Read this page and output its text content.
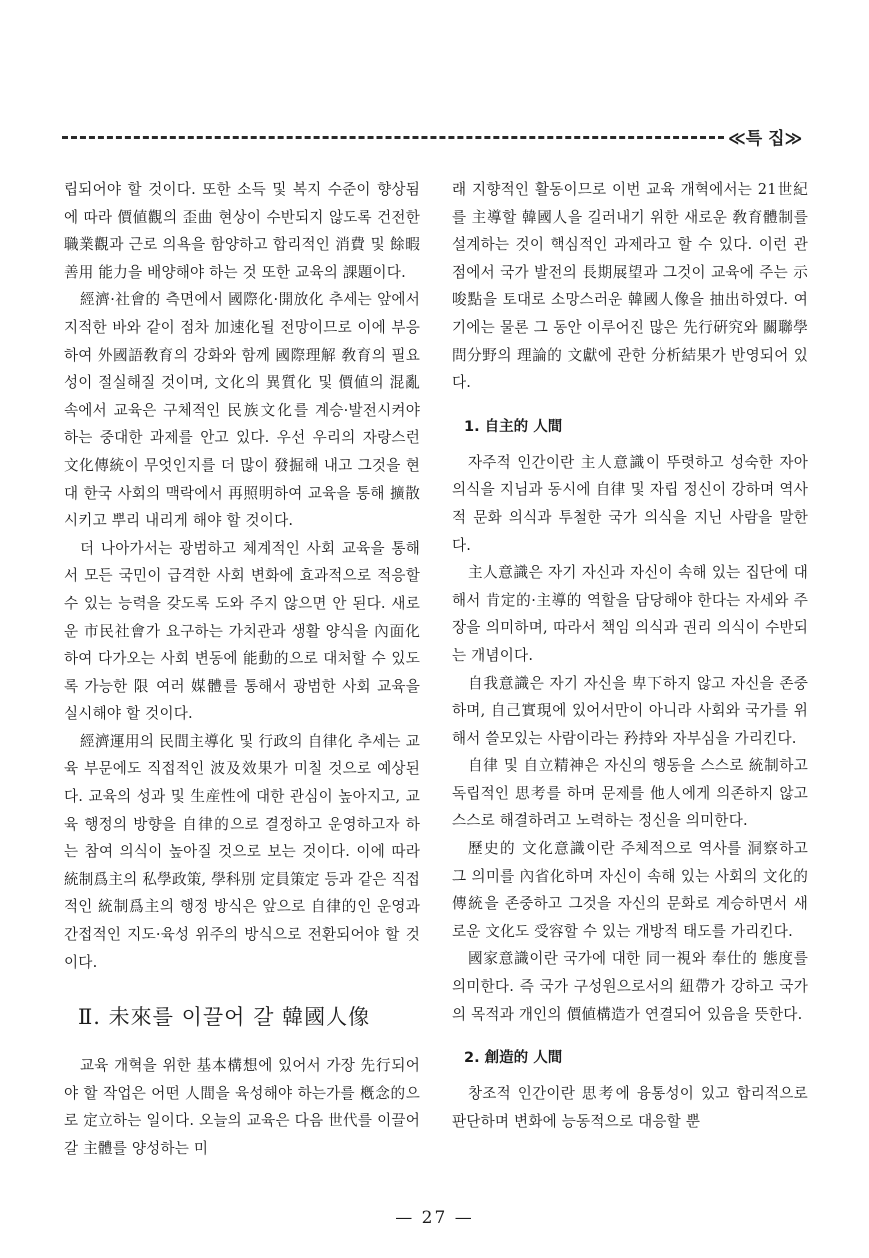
≪특 집≫

립되어야 할 것이다. 또한 소득 및 복지 수준이 향상됨에 따라 價値觀의 歪曲 현상이 수반되지 않도록 건전한 職業觀과 근로 의욕을 함양하고 합리적인 消費 및 餘暇善用 能力을 배양해야 하는 것 또한 교육의 課題이다.

經濟·社會的 측면에서 國際化·開放化 추세는 앞에서 지적한 바와 같이 점차 加速化될 전망이므로 이에 부응하여 外國語敎育의 강화와 함께 國際理解 敎育의 필요성이 절실해질 것이며, 文化의 異質化 및 價値의 混亂 속에서 교육은 구체적인 民族文化를 계승·발전시켜야 하는 중대한 과제를 안고 있다. 우선 우리의 자랑스런 文化傳統이 무엇인지를 더 많이 發掘해 내고 그것을 현대 한국 사회의 맥락에서 再照明하여 교육을 통해 擴散시키고 뿌리 내리게 해야 할 것이다.

더 나아가서는 광범하고 체계적인 사회 교육을 통해서 모든 국민이 급격한 사회 변화에 효과적으로 적응할 수 있는 능력을 갖도록 도와 주지 않으면 안 된다. 새로운 市民社會가 요구하는 가치관과 생활 양식을 內面化하여 다가오는 사회 변동에 能動的으로 대처할 수 있도록 가능한 限 여러 媒體를 통해서 광범한 사회 교육을 실시해야 할 것이다.

經濟運用의 民間主導化 및 行政의 自律化 추세는 교육 부문에도 직접적인 波及效果가 미칠 것으로 예상된다. 교육의 성과 및 生産性에 대한 관심이 높아지고, 교육 행정의 방향을 自律的으로 결정하고 운영하고자 하는 참여 의식이 높아질 것으로 보는 것이다. 이에 따라 統制爲主의 私學政策, 學科別 定員策定 등과 같은 직접적인 統制爲主의 행정 방식은 앞으로 自律的인 운영과 간접적인 지도·육성 위주의 방식으로 전환되어야 할 것이다.

Ⅱ. 未來를 이끌어 갈 韓國人像

교육 개혁을 위한 基本構想에 있어서 가장 先行되어야 할 작업은 어떤 人間을 육성해야 하는가를 槪念的으로 定立하는 일이다. 오늘의 교육은 다음 世代를 이끌어 갈 主體를 양성하는 미

래 지향적인 활동이므로 이번 교육 개혁에서는 21世紀를 主導할 韓國人을 길러내기 위한 새로운 敎育體制를 설계하는 것이 핵심적인 과제라고 할 수 있다. 이런 관점에서 국가 발전의 長期展望과 그것이 교육에 주는 示唆點을 토대로 소망스러운 韓國人像을 抽出하였다. 여기에는 물론 그 동안 이루어진 많은 先行硏究와 關聯學問分野의 理論的 文獻에 관한 分析結果가 반영되어 있다.

1. 自主的 人間

자주적 인간이란 主人意識이 뚜렷하고 성숙한 자아 의식을 지님과 동시에 自律 및 자립 정신이 강하며 역사적 문화 의식과 투철한 국가 의식을 지닌 사람을 말한다.

主人意識은 자기 자신과 자신이 속해 있는 집단에 대해서 肯定的·主導的 역할을 담당해야 한다는 자세와 주장을 의미하며, 따라서 책임 의식과 권리 의식이 수반되는 개념이다.

自我意識은 자기 자신을 卑下하지 않고 자신을 존중하며, 自己實現에 있어서만이 아니라 사회와 국가를 위해서 쓸모있는 사람이라는 矜持와 자부심을 가리킨다.

自律 및 自立精神은 자신의 행동을 스스로 統制하고 독립적인 思考를 하며 문제를 他人에게 의존하지 않고 스스로 해결하려고 노력하는 정신을 의미한다.

歷史的 文化意識이란 주체적으로 역사를 洞察하고 그 의미를 內省化하며 자신이 속해 있는 사회의 文化的 傳統을 존중하고 그것을 자신의 문화로 계승하면서 새로운 文化도 受容할 수 있는 개방적 태도를 가리킨다.

國家意識이란 국가에 대한 同一視와 奉仕的 態度를 의미한다. 즉 국가 구성원으로서의 紐帶가 강하고 국가의 목적과 개인의 價値構造가 연결되어 있음을 뜻한다.

2. 創造的 人間

창조적 인간이란 思考에 융통성이 있고 합리적으로 판단하며 변화에 능동적으로 대응할 뿐

— 27 —
